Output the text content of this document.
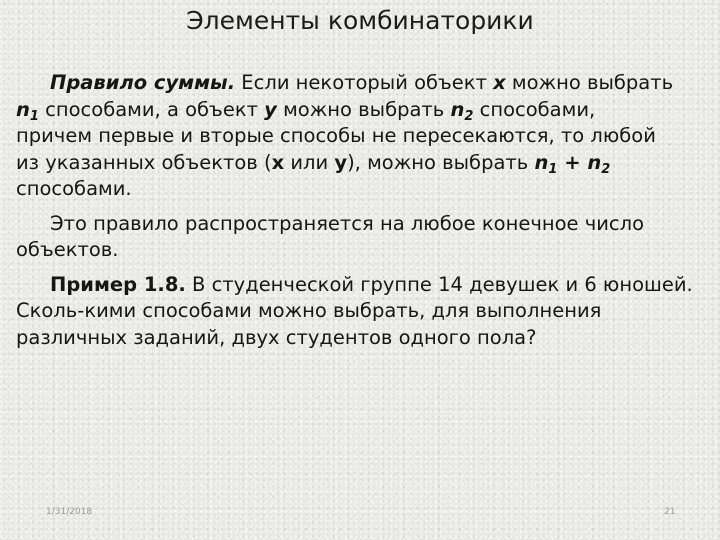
Элементы комбинаторики
Правило суммы. Если некоторый объект x можно выбрать
$n_1$ способами, а объект y можно выбрать $n_2$ способами,
причем первые и вторые способы не пересекаются, то любой
из указанных объектов (x или y), можно выбрать $n_1 + n_2$
способами.
Это правило распространяется на любое конечное число
объектов.
Пример 1.8. В студенческой группе 14 девушек и 6 юношей.
Сколь-кими способами можно выбрать, для выполнения
различных заданий, двух студентов одного пола?
1/31/2018	21
